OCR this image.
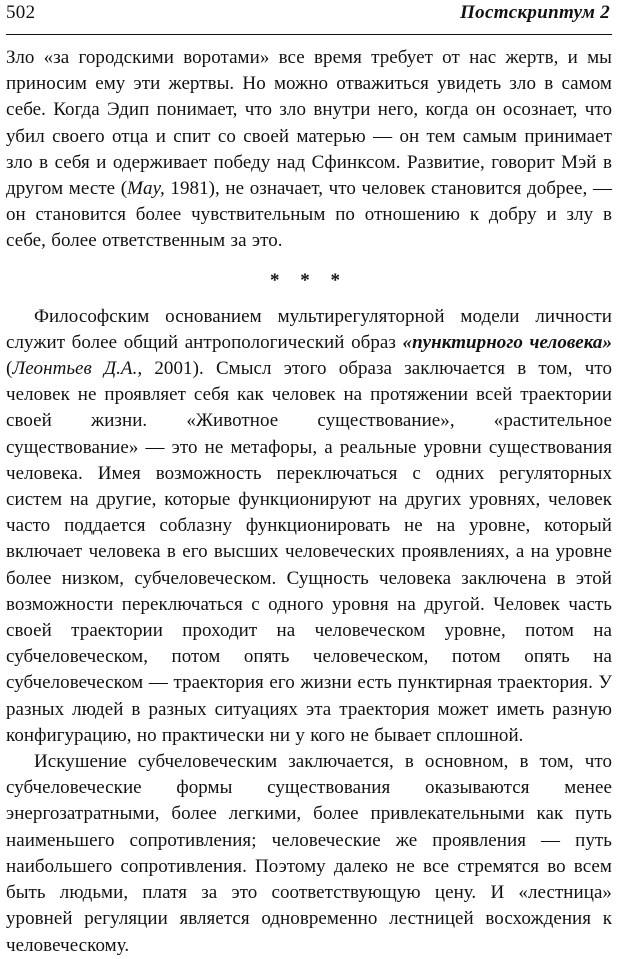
502	Постскриптум 2

Зло «за городскими воротами» все время требует от нас жертв, и мы приносим ему эти жертвы. Но можно отважиться увидеть зло в самом себе. Когда Эдип понимает, что зло внутри него, когда он осознает, что убил своего отца и спит со своей матерью — он тем самым принимает зло в себя и одерживает победу над Сфинксом. Развитие, говорит Мэй в другом месте (May, 1981), не означает, что человек становится добрее, — он становится более чувствительным по отношению к добру и злу в себе, более ответственным за это.

* * *

Философским основанием мультирегуляторной модели личности служит более общий антропологический образ «пунктирного человека» (Леонтьев Д.А., 2001). Смысл этого образа заключается в том, что человек не проявляет себя как человек на протяжении всей траектории своей жизни. «Животное существование», «растительное существование» — это не метафоры, а реальные уровни существования человека. Имея возможность переключаться с одних регуляторных систем на другие, которые функционируют на других уровнях, человек часто поддается соблазну функционировать не на уровне, который включает человека в его высших человеческих проявлениях, а на уровне более низком, субчеловеческом. Сущность человека заключена в этой возможности переключаться с одного уровня на другой. Человек часть своей траектории проходит на человеческом уровне, потом на субчеловеческом, потом опять человеческом, потом опять на субчеловеческом — траектория его жизни есть пунктирная траектория. У разных людей в разных ситуациях эта траектория может иметь разную конфигурацию, но практически ни у кого не бывает сплошной.

Искушение субчеловеческим заключается, в основном, в том, что субчеловеческие формы существования оказываются менее энергозатратными, более легкими, более привлекательными как путь наименьшего сопротивления; человеческие же проявления — путь наибольшего сопротивления. Поэтому далеко не все стремятся во всем быть людьми, платя за это соответствующую цену. И «лестница» уровней регуляции является одновременно лестницей восхождения к человеческому.
